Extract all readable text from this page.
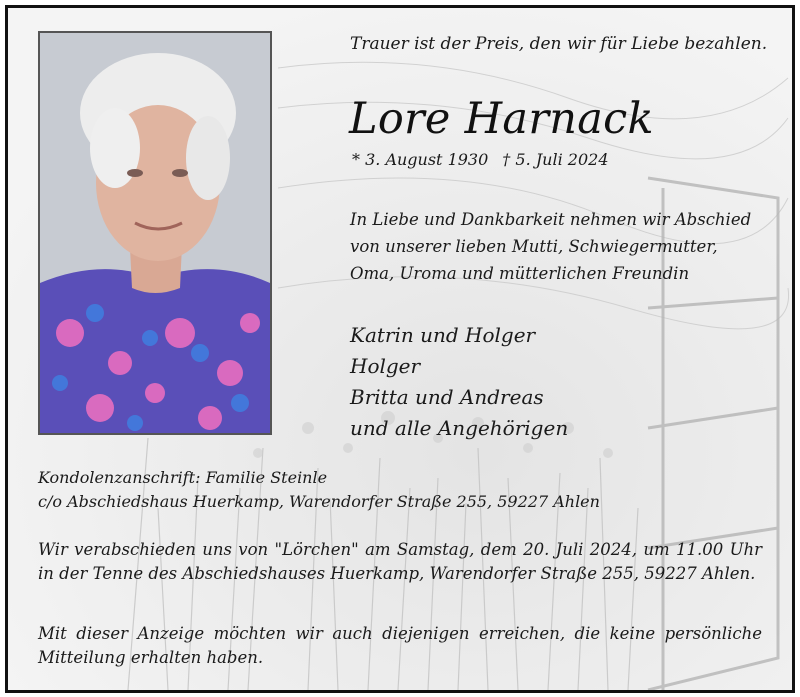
Trauer ist der Preis, den wir für Liebe bezahlen.
Lore Harnack
* 3. August 1930 † 5. Juli 2024
In Liebe und Dankbarkeit nehmen wir Abschied
von unserer lieben Mutti, Schwiegermutter,
Oma, Uroma und mütterlichen Freundin
Katrin und Holger
Holger
Britta und Andreas
und alle Angehörigen
Kondolenzanschrift: Familie Steinle
c/o Abschiedshaus Huerkamp, Warendorfer Straße 255, 59227 Ahlen
Wir verabschieden uns von "Lörchen" am Samstag, dem 20. Juli 2024, um 11.00 Uhr
in der Tenne des Abschiedshauses Huerkamp, Warendorfer Straße 255, 59227 Ahlen.
Mit dieser Anzeige möchten wir auch diejenigen erreichen, die keine persönliche
Mitteilung erhalten haben.
